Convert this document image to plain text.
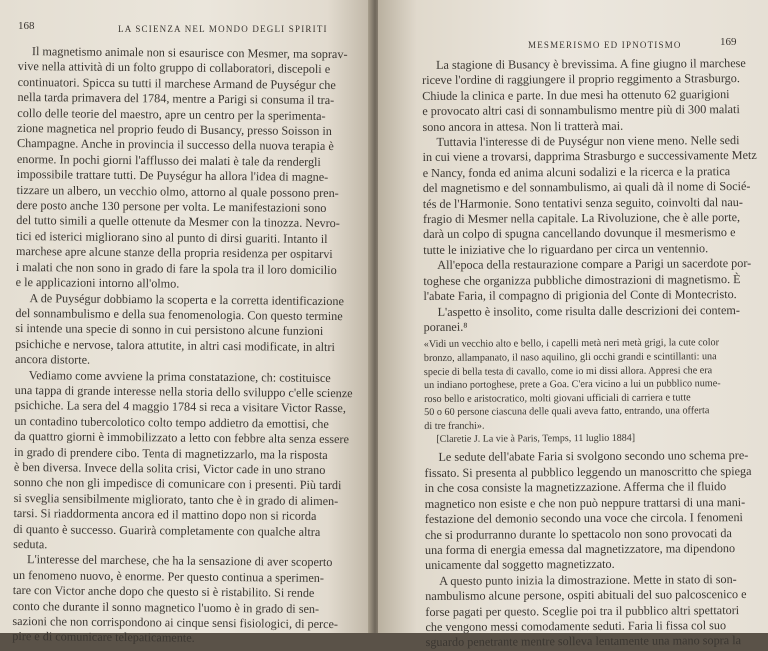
168	LA SCIENZA NEL MONDO DEGLI SPIRITI
Il magnetismo animale non si esaurisce con Mesmer, ma soprav-
vive nella attività di un folto gruppo di collaboratori, discepoli e
continuatori. Spicca su tutti il marchese Armand de Puységur che
nella tarda primavera del 1784, mentre a Parigi si consuma il tra-
collo delle teorie del maestro, apre un centro per la sperimenta-
zione magnetica nel proprio feudo di Busancy, presso Soisson in
Champagne. Anche in provincia il successo della nuova terapia è
enorme. In pochi giorni l'afflusso dei malati è tale da rendergli
impossibile trattare tutti. De Puységur ha allora l'idea di magne-
tizzare un albero, un vecchio olmo, attorno al quale possono pren-
dere posto anche 130 persone per volta. Le manifestazioni sono
del tutto simili a quelle ottenute da Mesmer con la tinozza. Nevro-
tici ed isterici migliorano sino al punto di dirsi guariti. Intanto il
marchese apre alcune stanze della propria residenza per ospitarvi
i malati che non sono in grado di fare la spola tra il loro domicilio
e le applicazioni intorno all'olmo.
A de Puységur dobbiamo la scoperta e la corretta identificazione
del sonnambulismo e della sua fenomenologia. Con questo termine
si intende una specie di sonno in cui persistono alcune funzioni
psichiche e nervose, talora attutite, in altri casi modificate, in altri
ancora distorte.
Vediamo come avviene la prima constatazione, ch: costituisce
una tappa di grande interesse nella storia dello sviluppo c'elle scienze
psichiche. La sera del 4 maggio 1784 si reca a visitare Victor Rasse,
un contadino tubercolotico colto tempo addietro da emottisi, che
da quattro giorni è immobilizzato a letto con febbre alta senza essere
in grado di prendere cibo. Tenta di magnetizzarlo, ma la risposta
è ben diversa. Invece della solita crisi, Victor cade in uno strano
sonno che non gli impedisce di comunicare con i presenti. Più tardi
si sveglia sensibilmente migliorato, tanto che è in grado di alimen-
tarsi. Si riaddormenta ancora ed il mattino dopo non si ricorda
di quanto è successo. Guarirà completamente con qualche altra
seduta.
L'interesse del marchese, che ha la sensazione di aver scoperto
un fenomeno nuovo, è enorme. Per questo continua a sperimen-
tare con Victor anche dopo che questo si è ristabilito. Si rende
conto che durante il sonno magnetico l'uomo è in grado di sen-
sazioni che non corrispondono ai cinque sensi fisiologici, di perce-
pire e di comunicare telepaticamente.
MESMERISMO ED IPNOTISMO	169
La stagione di Busancy è brevissima. A fine giugno il marchese
riceve l'ordine di raggiungere il proprio reggimento a Strasburgo.
Chiude la clinica e parte. In due mesi ha ottenuto 62 guarigioni
e provocato altri casi di sonnambulismo mentre più di 300 malati
sono ancora in attesa. Non li tratterà mai.
Tuttavia l'interesse di de Puységur non viene meno. Nelle sedi
in cui viene a trovarsi, dapprima Strasburgo e successivamente Metz
e Nancy, fonda ed anima alcuni sodalizi e la ricerca e la pratica
del magnetismo e del sonnambulismo, ai quali dà il nome di Socié-
tés de l'Harmonie. Sono tentativi senza seguito, coinvolti dal nau-
fragio di Mesmer nella capitale. La Rivoluzione, che è alle porte,
darà un colpo di spugna cancellando dovunque il mesmerismo e
tutte le iniziative che lo riguardano per circa un ventennio.
All'epoca della restaurazione compare a Parigi un sacerdote por-
toghese che organizza pubbliche dimostrazioni di magnetismo. È
l'abate Faria, il compagno di prigionia del Conte di Montecristo.
L'aspetto è insolito, come risulta dalle descrizioni dei contem-
poranei.⁸
«Vidi un vecchio alto e bello, i capelli metà neri metà grigi, la cute color
bronzo, allampanato, il naso aquilino, gli occhi grandi e scintillanti: una
specie di bella testa di cavallo, come io mi dissi allora. Appresi che era
un indiano portoghese, prete a Goa. C'era vicino a lui un pubblico nume-
roso bello e aristocratico, molti giovani ufficiali di carriera e tutte
50 o 60 persone ciascuna delle quali aveva fatto, entrando, una offerta
di tre franchi».
[Claretie J. La vie à Paris, Temps, 11 luglio 1884]
Le sedute dell'abate Faria si svolgono secondo uno schema pre-
fissato. Si presenta al pubblico leggendo un manoscritto che spiega
in che cosa consiste la magnetizzazione. Afferma che il fluido
magnetico non esiste e che non può neppure trattarsi di una mani-
festazione del demonio secondo una voce che circola. I fenomeni
che si produrranno durante lo spettacolo non sono provocati da
una forma di energia emessa dal magnetizzatore, ma dipendono
unicamente dal soggetto magnetizzato.
A questo punto inizia la dimostrazione. Mette in stato di son-
nambulismo alcune persone, ospiti abituali del suo palcoscenico e
forse pagati per questo. Sceglie poi tra il pubblico altri spettatori
che vengono messi comodamente seduti. Faria li fissa col suo
sguardo penetrante mentre solleva lentamente una mano sopra la
